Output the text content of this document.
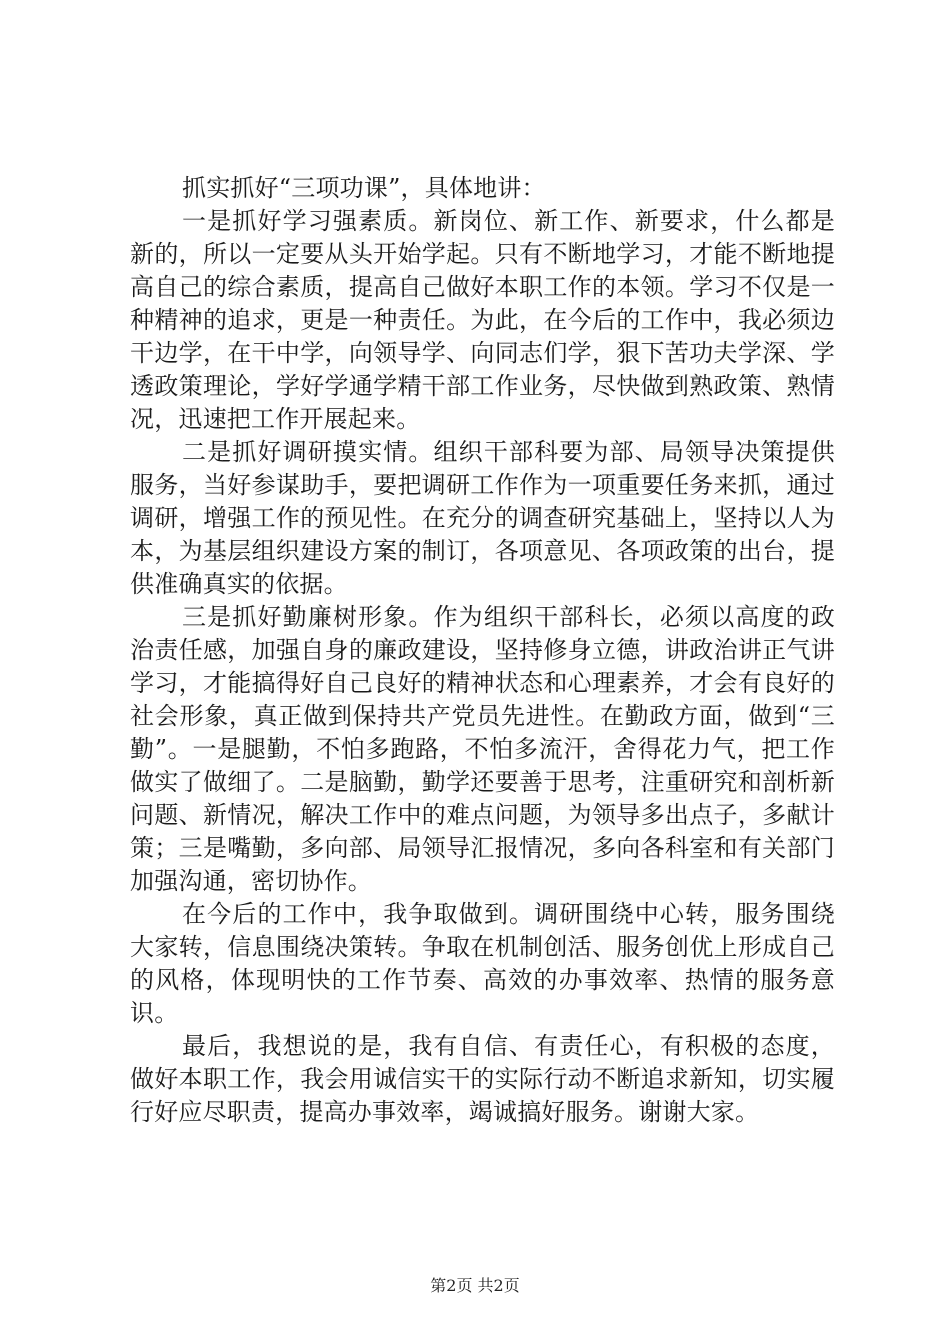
抓实抓好“三项功课”，具体地讲：

一是抓好学习强素质。新岗位、新工作、新要求，什么都是新的，所以一定要从头开始学起。只有不断地学习，才能不断地提高自己的综合素质，提高自己做好本职工作的本领。学习不仅是一种精神的追求，更是一种责任。为此，在今后的工作中，我必须边干边学，在干中学，向领导学、向同志们学，狠下苦功夫学深、学透政策理论，学好学通学精干部工作业务，尽快做到熟政策、熟情况，迅速把工作开展起来。

二是抓好调研摸实情。组织干部科要为部、局领导决策提供服务，当好参谋助手，要把调研工作作为一项重要任务来抓，通过调研，增强工作的预见性。在充分的调查研究基础上，坚持以人为本，为基层组织建设方案的制订，各项意见、各项政策的出台，提供准确真实的依据。

三是抓好勤廉树形象。作为组织干部科长，必须以高度的政治责任感，加强自身的廉政建设，坚持修身立德，讲政治讲正气讲学习，才能搞得好自己良好的精神状态和心理素养，才会有良好的社会形象，真正做到保持共产党员先进性。在勤政方面，做到“三勤”。一是腿勤，不怕多跑路，不怕多流汗，舍得花力气，把工作做实了做细了。二是脑勤，勤学还要善于思考，注重研究和剖析新问题、新情况，解决工作中的难点问题，为领导多出点子，多献计策；三是嘴勤，多向部、局领导汇报情况，多向各科室和有关部门加强沟通，密切协作。

在今后的工作中，我争取做到。调研围绕中心转，服务围绕大家转，信息围绕决策转。争取在机制创活、服务创优上形成自己的风格，体现明快的工作节奏、高效的办事效率、热情的服务意识。

最后，我想说的是，我有自信、有责任心，有积极的态度，做好本职工作，我会用诚信实干的实际行动不断追求新知，切实履行好应尽职责，提高办事效率，竭诚搞好服务。谢谢大家。

第2页 共2页
